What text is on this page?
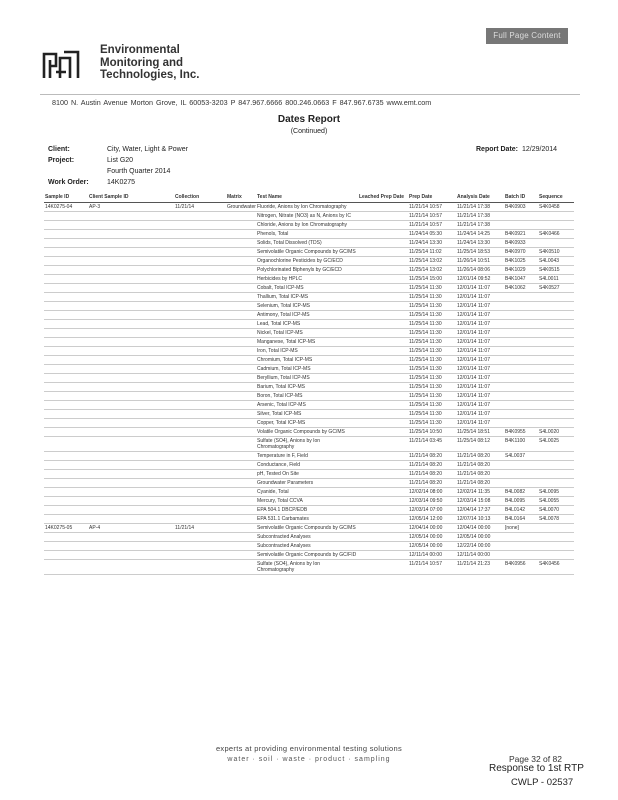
Full Page Content
Environmental
Monitoring and
Technologies, Inc.
8100 N. Austin Avenue Morton Grove, IL 60053-3203 P 847.967.6666 800.246.0663 F 847.967.6735 www.emt.com
Dates Report
(Continued)
Client:	City, Water, Light & Power
Project:	List G20
Fourth Quarter 2014
Work Order:	14K0275
Report Date: 12/29/2014
Sample ID	Client Sample ID	Collection	Matrix	Test Name	Leached Prep Date	Prep Date	Analysis Date	Batch ID	Sequence
14K0275-04	AP-3	11/21/14	Groundwater	Fluoride, Anions by Ion Chromatography		11/21/14 10:57	11/21/14 17:38	B4K0903	S4K0458
				Nitrogen, Nitrate (NO3) as N, Anions by IC		11/21/14 10:57	11/21/14 17:38		
				Chloride, Anions by Ion Chromatography		11/21/14 10:57	11/21/14 17:38		
				Phenols, Total		11/24/14 05:30	11/24/14 14:25	B4K0921	S4K0466
				Solids, Total Dissolved (TDS)		11/24/14 13:30	11/24/14 13:30	B4K0933	
				Semivolatile Organic Compounds by GC/MS		11/25/14 11:02	11/25/14 18:53	B4K0970	S4K0510
				Organochlorine Pesticides by GC/ECD		11/25/14 13:02	11/26/14 10:51	B4K1025	S4L0043
				Polychlorinated Biphenyls by GC/ECD		11/25/14 13:02	11/26/14 08:06	B4K1029	S4K0515
				Herbicides by HPLC		11/25/14 15:00	12/01/14 09:52	B4K1047	S4L0011
				Cobalt, Total ICP-MS		11/25/14 11:30	12/01/14 11:07	B4K1062	S4K0527
				Thallium, Total ICP-MS		11/25/14 11:30	12/01/14 11:07		
				Selenium, Total ICP-MS		11/25/14 11:30	12/01/14 11:07		
				Antimony, Total ICP-MS		11/25/14 11:30	12/01/14 11:07		
				Lead, Total ICP-MS		11/25/14 11:30	12/01/14 11:07		
				Nickel, Total ICP-MS		11/25/14 11:30	12/01/14 11:07		
				Manganese, Total ICP-MS		11/25/14 11:30	12/01/14 11:07		
				Iron, Total ICP-MS		11/25/14 11:30	12/01/14 11:07		
				Chromium, Total ICP-MS		11/25/14 11:30	12/01/14 11:07		
				Cadmium, Total ICP-MS		11/25/14 11:30	12/01/14 11:07		
				Beryllium, Total ICP-MS		11/25/14 11:30	12/01/14 11:07		
				Barium, Total ICP-MS		11/25/14 11:30	12/01/14 11:07		
				Boron, Total ICP-MS		11/25/14 11:30	12/01/14 11:07		
				Arsenic, Total ICP-MS		11/25/14 11:30	12/01/14 11:07		
				Silver, Total ICP-MS		11/25/14 11:30	12/01/14 11:07		
				Copper, Total ICP-MS		11/25/14 11:30	12/01/14 11:07		
				Volatile Organic Compounds by GC/MS		11/25/14 10:50	11/25/14 18:51	B4K0955	S4L0020
				Sulfate (SO4), Anions by Ion Chromatography		11/21/14 03:45	11/25/14 08:12	B4K1100	S4L0025
				Temperature in F, Field		11/21/14 08:20	11/21/14 08:20	S4L0037	
				Conductance, Field		11/21/14 08:20	11/21/14 08:20		
				pH, Tested On Site		11/21/14 08:20	11/21/14 08:20		
				Groundwater Parameters		11/21/14 08:20	11/21/14 08:20		
				Cyanide, Total		12/02/14 08:00	12/02/14 11:35	B4L0082	S4L0095
				Mercury, Total CCVA		12/03/14 09:50	12/03/14 15:08	B4L0095	S4L0055
				EPA 504.1 DBCP/EDB		12/03/14 07:00	12/04/14 17:37	B4L0142	S4L0070
				EPA 531.1 Carbamates		12/05/14 12:00	12/07/14 10:13	B4L0164	S4L0078
14K0275-05	AP-4	11/21/14		Semivolatile Organic Compounds by GC/MS		12/04/14 00:00	12/04/14 00:00	[none]	
				Subcontracted Analyses		12/05/14 00:00	12/05/14 00:00		
				Subcontracted Analyses		12/05/14 00:00	12/22/14 00:00		
				Semivolatile Organic Compounds by GC/FID		12/11/14 00:00	12/11/14 00:00		
				Sulfate (SO4), Anions by Ion Chromatography		11/21/14 10:57	11/21/14 21:23	B4K0956	S4K0456
experts at providing environmental testing solutions
water · soil · waste · product · sampling	Page 32 of 82
Response to 1st RTP
CWLP - 02537
